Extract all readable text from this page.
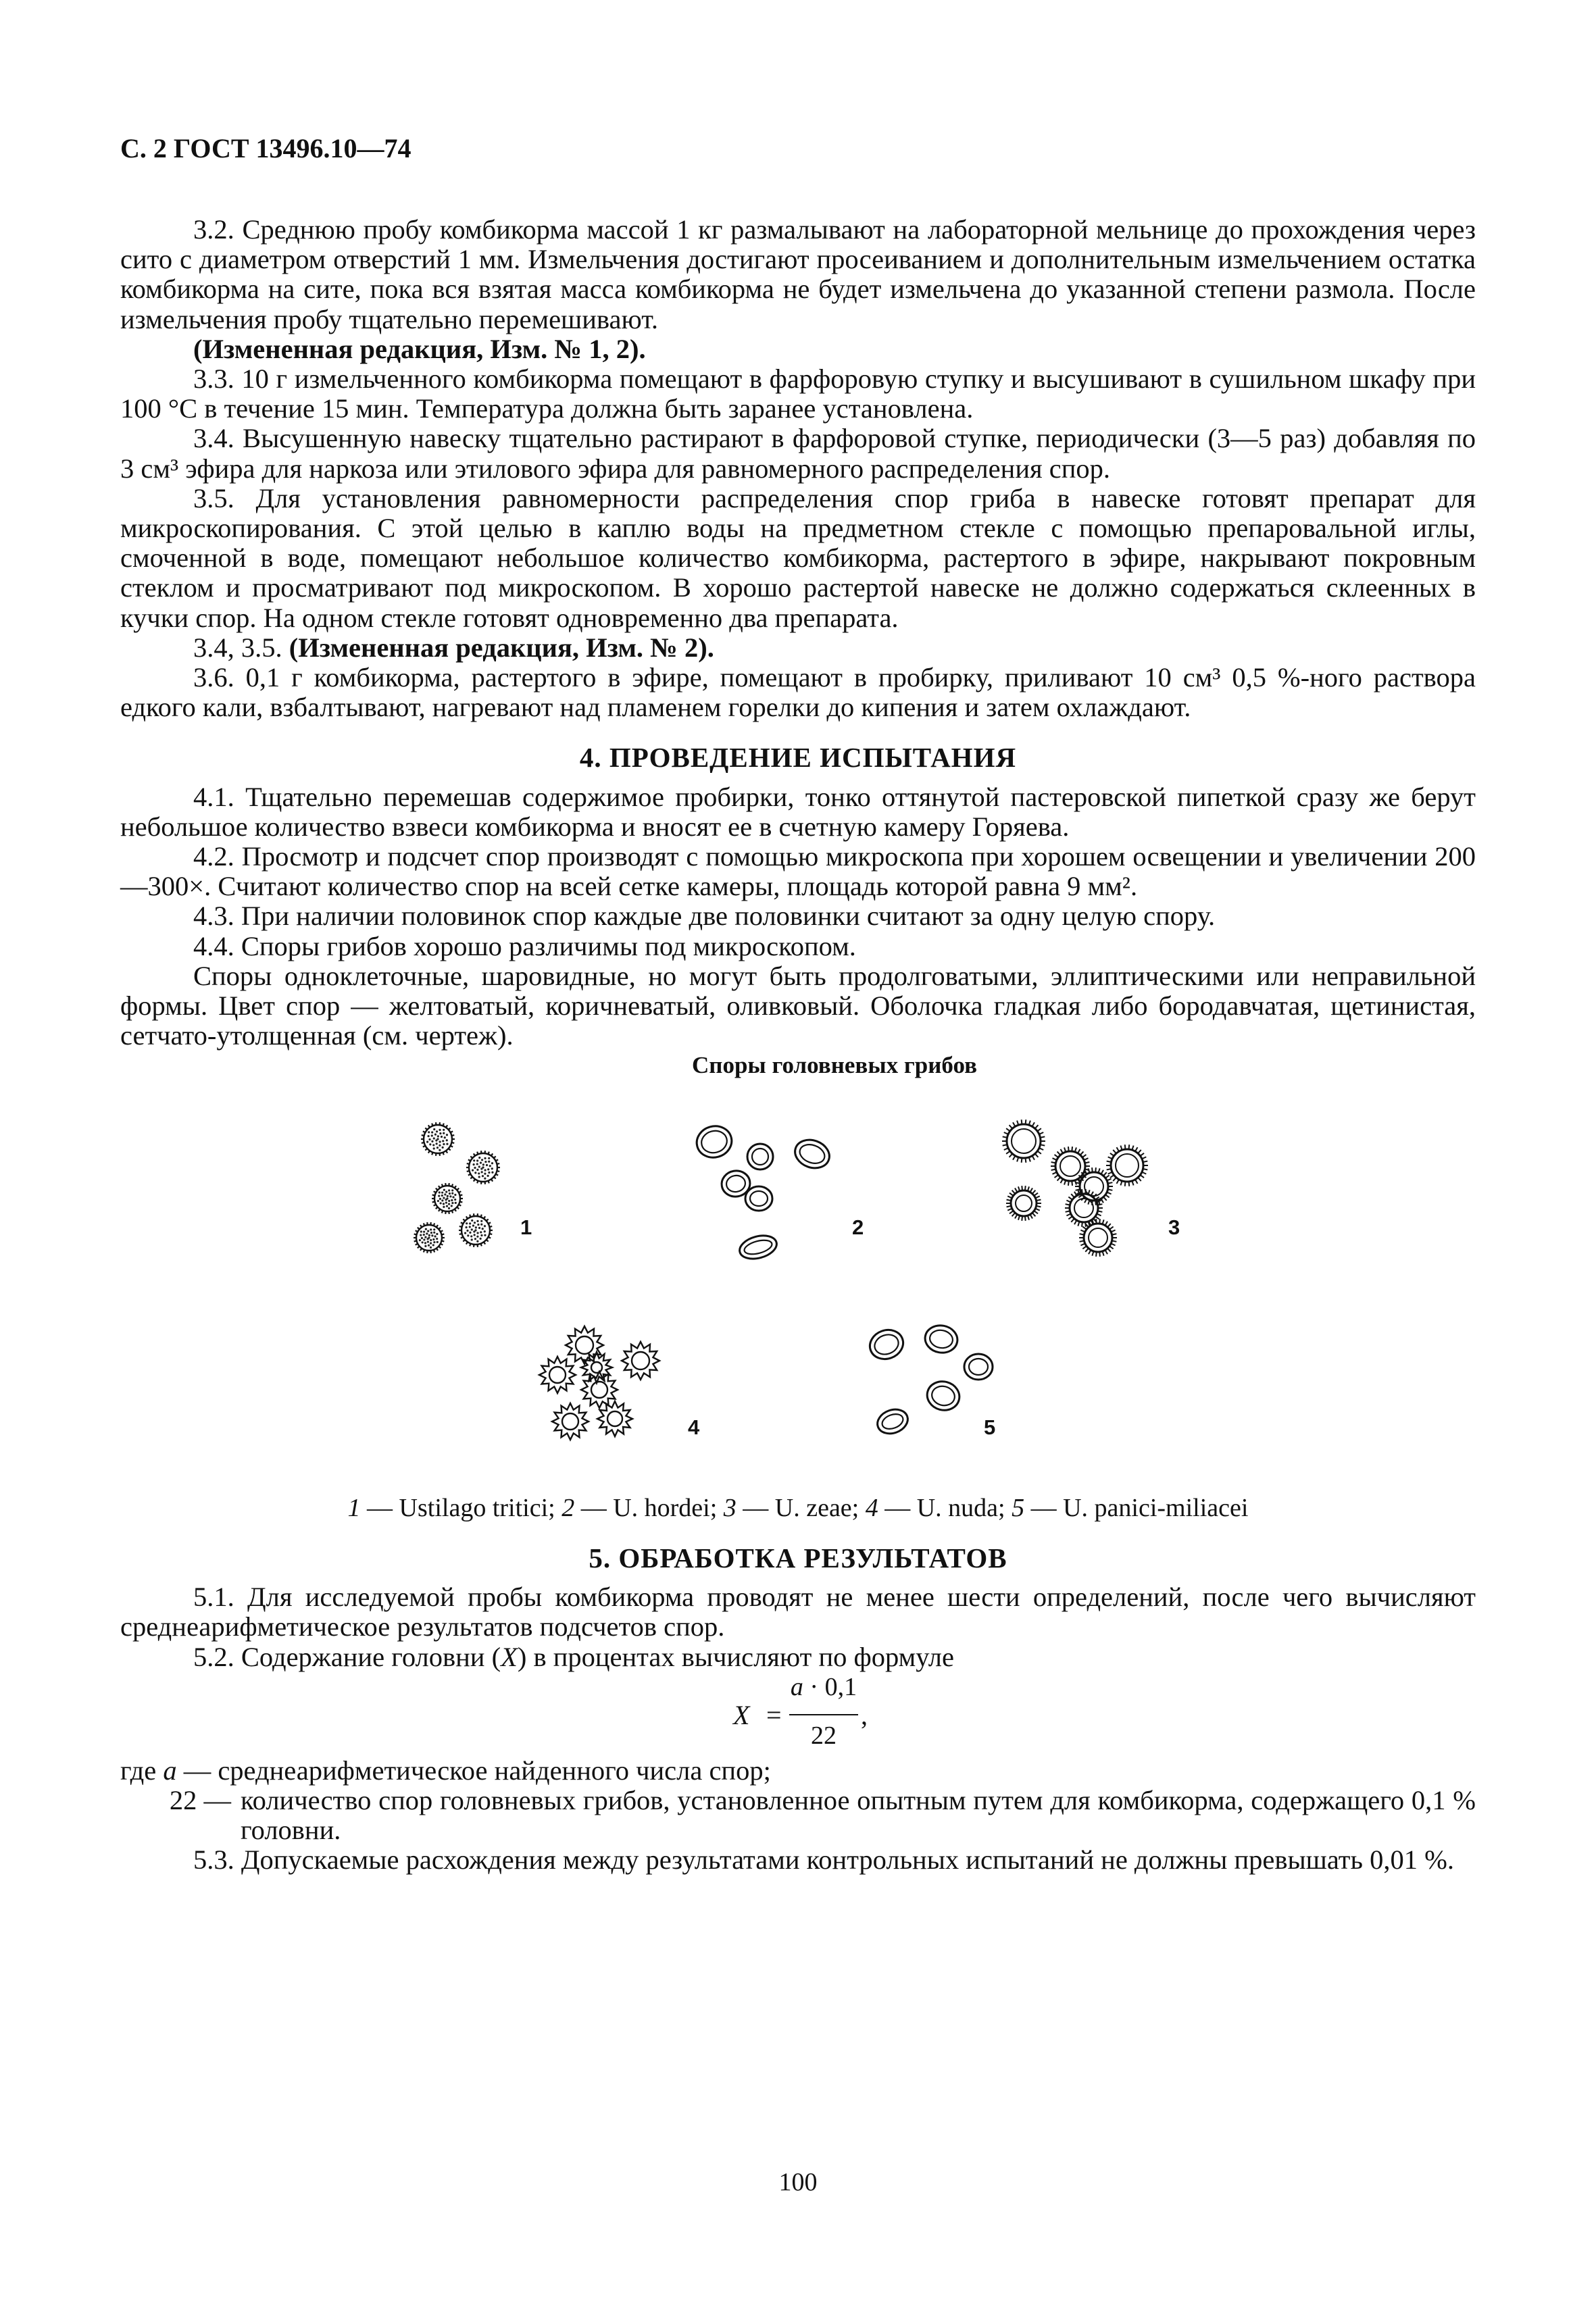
С. 2 ГОСТ 13496.10—74

3.2. Среднюю пробу комбикорма массой 1 кг размалывают на лабораторной мельнице до прохождения через сито с диаметром отверстий 1 мм. Измельчения достигают просеиванием и дополнительным измельчением остатка комбикорма на сите, пока вся взятая масса комбикорма не будет измельчена до указанной степени размола. После измельчения пробу тщательно перемешивают.

(Измененная редакция, Изм. № 1, 2).

3.3. 10 г измельченного комбикорма помещают в фарфоровую ступку и высушивают в сушильном шкафу при 100 °С в течение 15 мин. Температура должна быть заранее установлена.

3.4. Высушенную навеску тщательно растирают в фарфоровой ступке, периодически (3—5 раз) добавляя по 3 см³ эфира для наркоза или этилового эфира для равномерного распределения спор.

3.5. Для установления равномерности распределения спор гриба в навеске готовят препарат для микроскопирования. С этой целью в каплю воды на предметном стекле с помощью препаровальной иглы, смоченной в воде, помещают небольшое количество комбикорма, растертого в эфире, накрывают покровным стеклом и просматривают под микроскопом. В хорошо растертой навеске не должно содержаться склеенных в кучки спор. На одном стекле готовят одновременно два препарата.

3.4, 3.5. (Измененная редакция, Изм. № 2).

3.6. 0,1 г комбикорма, растертого в эфире, помещают в пробирку, приливают 10 см³ 0,5 %-ного раствора едкого кали, взбалтывают, нагревают над пламенем горелки до кипения и затем охлаждают.

4. ПРОВЕДЕНИЕ ИСПЫТАНИЯ

4.1. Тщательно перемешав содержимое пробирки, тонко оттянутой пастеровской пипеткой сразу же берут небольшое количество взвеси комбикорма и вносят ее в счетную камеру Горяева.

4.2. Просмотр и подсчет спор производят с помощью микроскопа при хорошем освещении и увеличении 200—300×. Считают количество спор на всей сетке камеры, площадь которой равна 9 мм².

4.3. При наличии половинок спор каждые две половинки считают за одну целую спору.

4.4. Споры грибов хорошо различимы под микроскопом.

Споры одноклеточные, шаровидные, но могут быть продолговатыми, эллиптическими или неправильной формы. Цвет спор — желтоватый, коричневатый, оливковый. Оболочка гладкая либо бородавчатая, щетинистая, сетчато-утолщенная (см. чертеж).

Споры головневых грибов

1	2	3
4	5

1 — Ustilago tritici; 2 — U. hordei; 3 — U. zeae; 4 — U. nuda; 5 — U. panici-miliacei

5. ОБРАБОТКА РЕЗУЛЬТАТОВ

5.1. Для исследуемой пробы комбикорма проводят не менее шести определений, после чего вычисляют среднеарифметическое результатов подсчетов спор.

5.2. Содержание головни (X) в процентах вычисляют по формуле

X =
a · 0,1
22
,

где a — среднеарифметическое найденного числа спор;

22 — количество спор головневых грибов, установленное опытным путем для комбикорма, содержащего 0,1 % головни.

5.3. Допускаемые расхождения между результатами контрольных испытаний не должны превышать 0,01 %.

100
